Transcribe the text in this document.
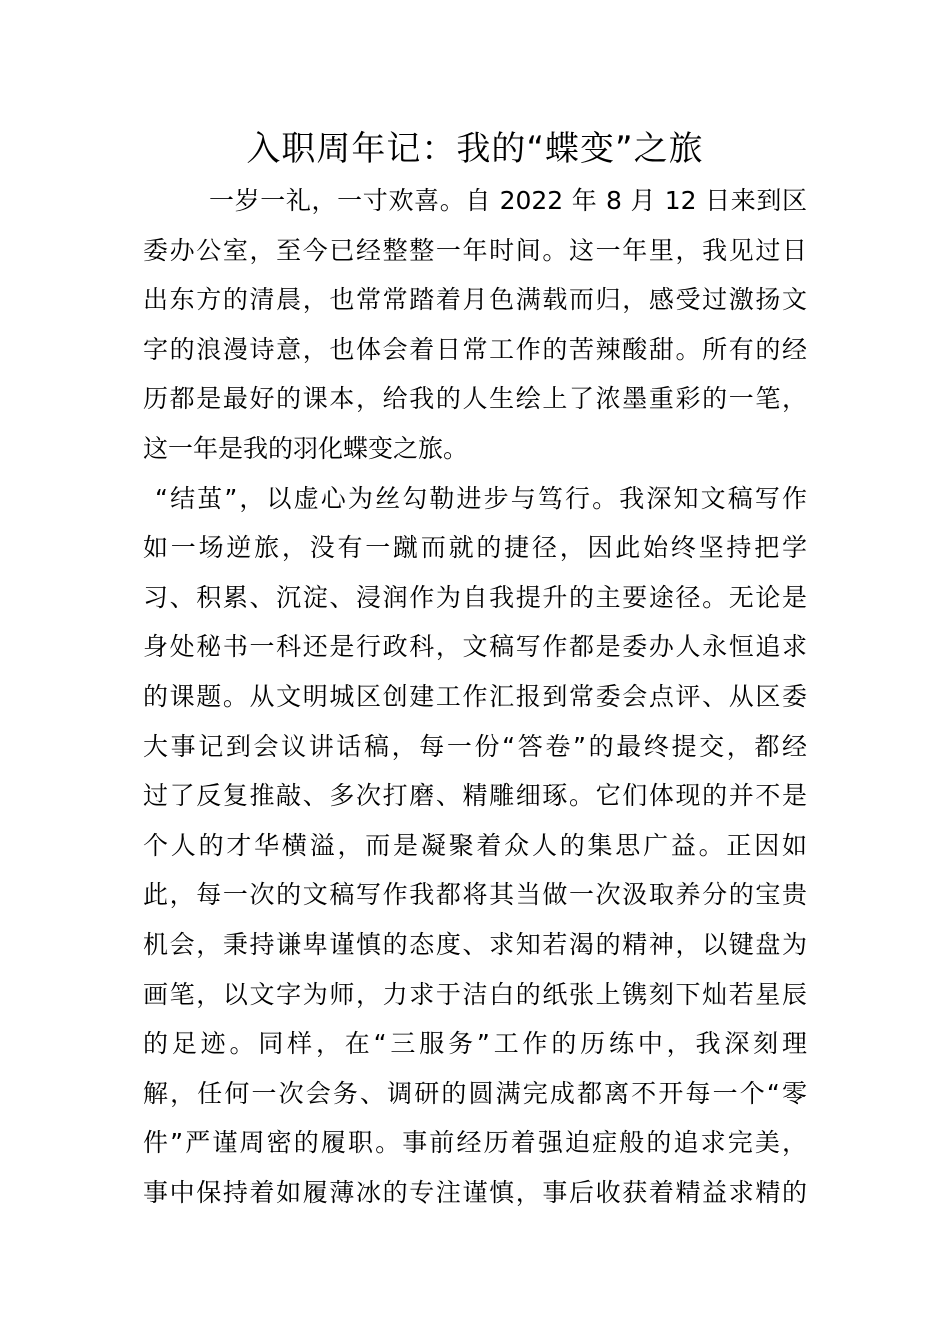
入职周年记：我的“蝶变”之旅
一岁一礼，一寸欢喜。自 2022 年 8 月 12 日来到区
委办公室，至今已经整整一年时间。这一年里，我见过日
出东方的清晨，也常常踏着月色满载而归，感受过激扬文
字的浪漫诗意，也体会着日常工作的苦辣酸甜。所有的经
历都是最好的课本，给我的人生绘上了浓墨重彩的一笔，
这一年是我的羽化蝶变之旅。
“结茧”，以虚心为丝勾勒进步与笃行。我深知文稿写作
如一场逆旅，没有一蹴而就的捷径，因此始终坚持把学
习、积累、沉淀、浸润作为自我提升的主要途径。无论是
身处秘书一科还是行政科，文稿写作都是委办人永恒追求
的课题。从文明城区创建工作汇报到常委会点评、从区委
大事记到会议讲话稿，每一份“答卷”的最终提交，都经
过了反复推敲、多次打磨、精雕细琢。它们体现的并不是
个人的才华横溢，而是凝聚着众人的集思广益。正因如
此，每一次的文稿写作我都将其当做一次汲取养分的宝贵
机会，秉持谦卑谨慎的态度、求知若渴的精神，以键盘为
画笔，以文字为师，力求于洁白的纸张上镌刻下灿若星辰
的足迹。同样，在“三服务”工作的历练中，我深刻理
解，任何一次会务、调研的圆满完成都离不开每一个“零
件”严谨周密的履职。事前经历着强迫症般的追求完美，
事中保持着如履薄冰的专注谨慎，事后收获着精益求精的
